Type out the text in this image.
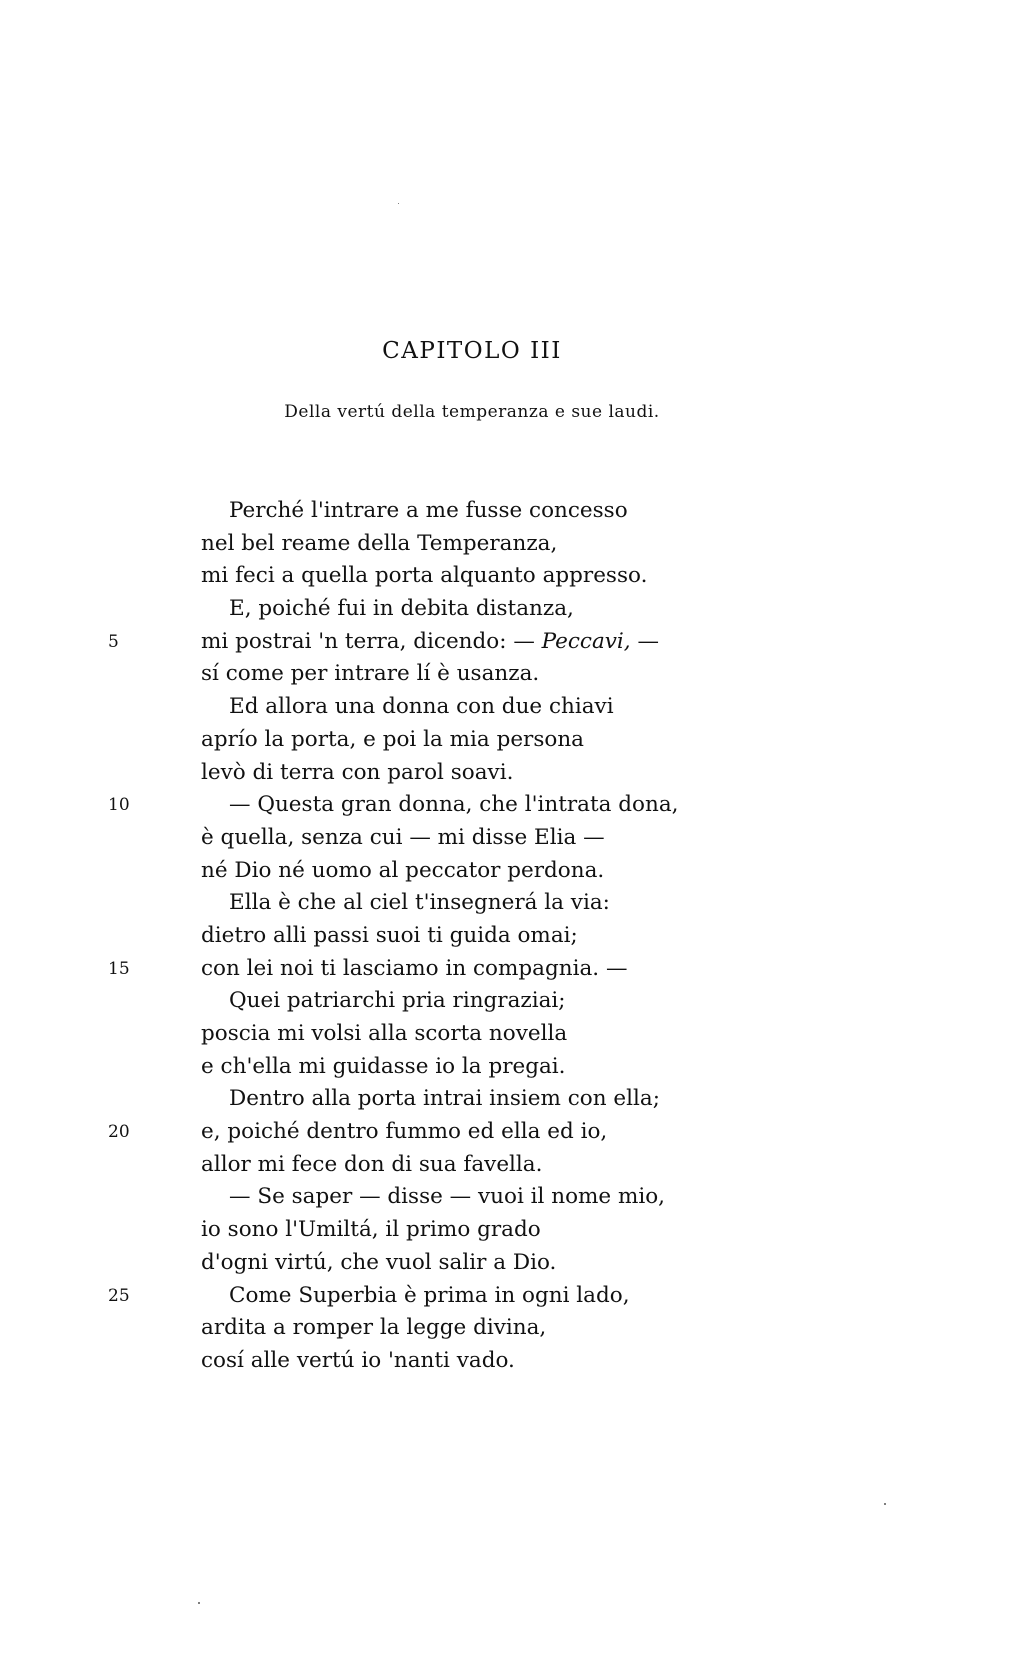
CAPITOLO III

Della vertú della temperanza e sue laudi.

Perché l'intrare a me fusse concesso
nel bel reame della Temperanza,
mi feci a quella porta alquanto appresso.
E, poiché fui in debita distanza,
5	mi postrai 'n terra, dicendo: — Peccavi, —
sí come per intrare lí è usanza.
Ed allora una donna con due chiavi
aprío la porta, e poi la mia persona
levò di terra con parol soavi.
10	— Questa gran donna, che l'intrata dona,
è quella, senza cui — mi disse Elia —
né Dio né uomo al peccator perdona.
Ella è che al ciel t'insegnerá la via:
dietro alli passi suoi ti guida omai;
15	con lei noi ti lasciamo in compagnia. —
Quei patriarchi pria ringraziai;
poscia mi volsi alla scorta novella
e ch'ella mi guidasse io la pregai.
Dentro alla porta intrai insiem con ella;
20	e, poiché dentro fummo ed ella ed io,
allor mi fece don di sua favella.
— Se saper — disse — vuoi il nome mio,
io sono l'Umiltá, il primo grado
d'ogni virtú, che vuol salir a Dio.
25	Come Superbia è prima in ogni lado,
ardita a romper la legge divina,
cosí alle vertú io 'nanti vado.
